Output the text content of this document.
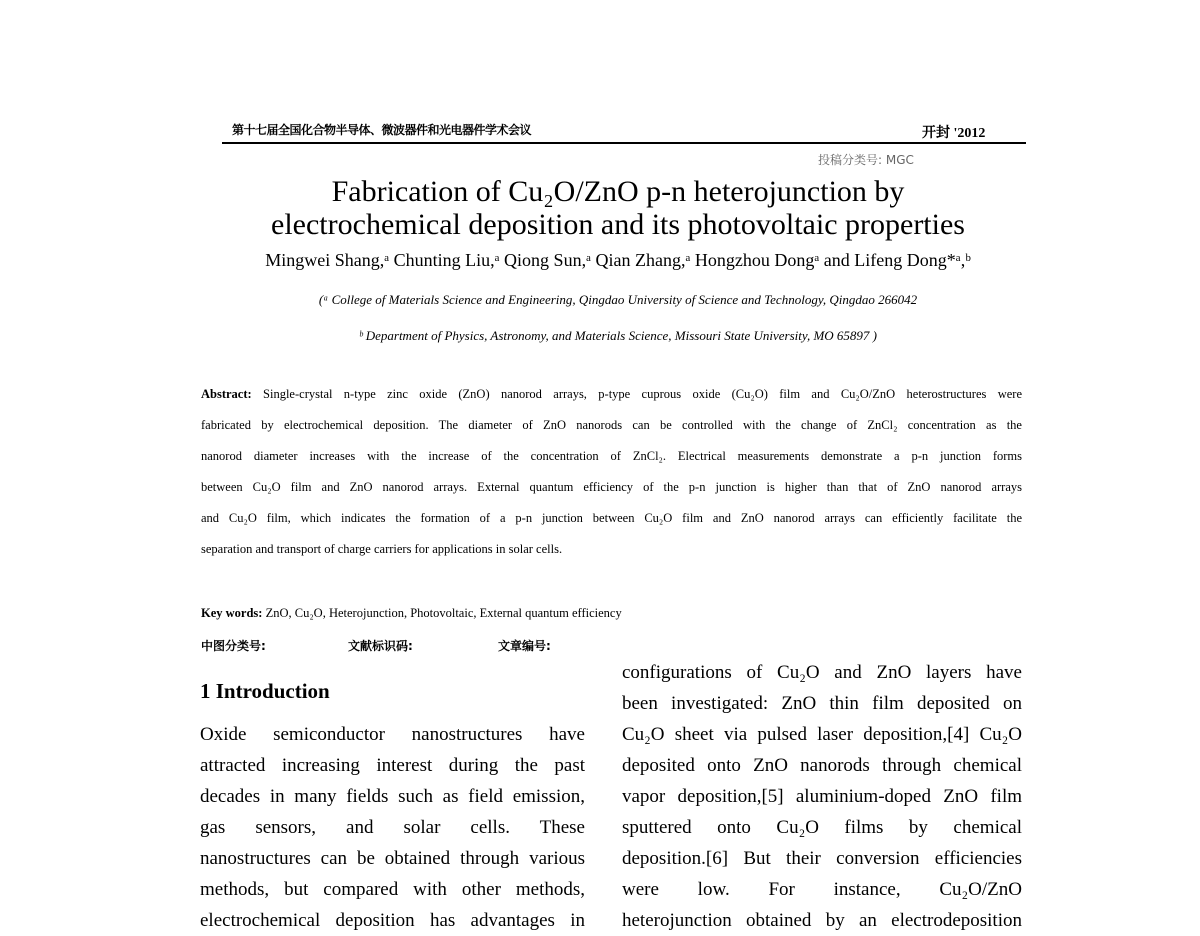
第十七届全国化合物半导体、微波器件和光电器件学术会议	开封 '2012
投稿分类号: MGC
Fabrication of Cu₂O/ZnO p-n heterojunction by
electrochemical deposition and its photovoltaic properties
Mingwei Shang,ᵃ Chunting Liu,ᵃ Qiong Sun,ᵃ Qian Zhang,ᵃ Hongzhou Dongᵃ and Lifeng Dong*ᵃ,ᵇ
(ᵃ College of Materials Science and Engineering, Qingdao University of Science and Technology, Qingdao 266042
ᵇ Department of Physics, Astronomy, and Materials Science, Missouri State University, MO 65897 )
Abstract: Single-crystal n-type zinc oxide (ZnO) nanorod arrays, p-type cuprous oxide (Cu₂O) film and Cu₂O/ZnO heterostructures were
fabricated by electrochemical deposition. The diameter of ZnO nanorods can be controlled with the change of ZnCl₂ concentration as the
nanorod diameter increases with the increase of the concentration of ZnCl₂. Electrical measurements demonstrate a p-n junction forms
between Cu₂O film and ZnO nanorod arrays. External quantum efficiency of the p-n junction is higher than that of ZnO nanorod arrays
and Cu₂O film, which indicates the formation of a p-n junction between Cu₂O film and ZnO nanorod arrays can efficiently facilitate the
separation and transport of charge carriers for applications in solar cells.
Key words: ZnO, Cu₂O, Heterojunction, Photovoltaic, External quantum efficiency
中图分类号:	文献标识码:	文章编号:
1 Introduction
Oxide semiconductor nanostructures have
attracted increasing interest during the past
decades in many fields such as field emission,
gas sensors, and solar cells. These
nanostructures can be obtained through various
methods, but compared with other methods,
electrochemical deposition has advantages in
configurations of Cu₂O and ZnO layers have
been investigated: ZnO thin film deposited on
Cu₂O sheet via pulsed laser deposition,[4] Cu₂O
deposited onto ZnO nanorods through chemical
vapor deposition,[5] aluminium-doped ZnO film
sputtered onto Cu₂O films by chemical
deposition.[6] But their conversion efficiencies
were low. For instance, Cu₂O/ZnO
heterojunction obtained by an electrodeposition
